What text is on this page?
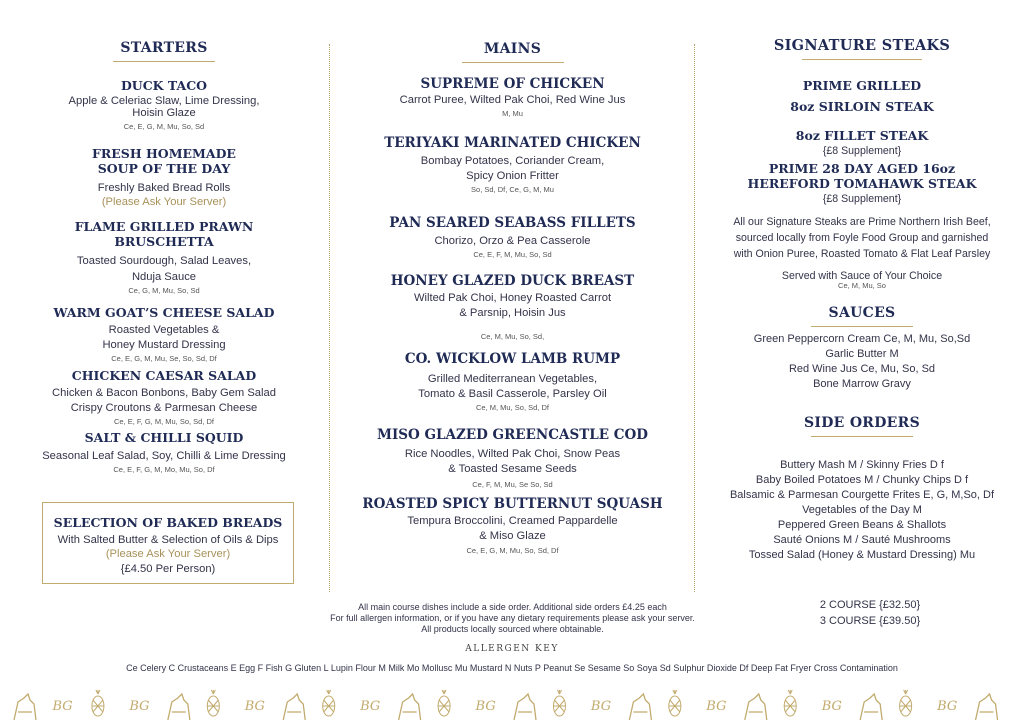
STARTERS
DUCK TACO
Apple & Celeriac Slaw, Lime Dressing,
Hoisin Glaze
Ce, E, G, M, Mu, So, Sd
FRESH HOMEMADE
SOUP OF THE DAY
Freshly Baked Bread Rolls
(Please Ask Your Server)
FLAME GRILLED PRAWN
BRUSCHETTA
Toasted Sourdough, Salad Leaves,
Nduja Sauce
Ce, G, M, Mu, So, Sd
WARM GOAT’S CHEESE SALAD
Roasted Vegetables &
Honey Mustard Dressing
Ce, E, G, M, Mu, Se, So, Sd, Df
CHICKEN CAESAR SALAD
Chicken & Bacon Bonbons, Baby Gem Salad
Crispy Croutons & Parmesan Cheese
Ce, E, F, G, M, Mu, So, Sd, Df
SALT & CHILLI SQUID
Seasonal Leaf Salad, Soy, Chilli & Lime Dressing
Ce, E, F, G, M, Mo, Mu, So, Df
SELECTION OF BAKED BREADS
With Salted Butter & Selection of Oils & Dips
(Please Ask Your Server)
{£4.50 Per Person)
MAINS
SUPREME OF CHICKEN
Carrot Puree, Wilted Pak Choi, Red Wine Jus
M, Mu
TERIYAKI MARINATED CHICKEN
Bombay Potatoes, Coriander Cream,
Spicy Onion Fritter
So, Sd, Df, Ce, G, M, Mu
PAN SEARED SEABASS FILLETS
Chorizo, Orzo & Pea Casserole
Ce, E, F, M, Mu, So, Sd
HONEY GLAZED DUCK BREAST
Wilted Pak Choi, Honey Roasted Carrot
& Parsnip, Hoisin Jus
Ce, M, Mu, So, Sd,
CO. WICKLOW LAMB RUMP
Grilled Mediterranean Vegetables,
Tomato & Basil Casserole, Parsley Oil
Ce, M, Mu, So, Sd, Df
MISO GLAZED GREENCASTLE COD
Rice Noodles, Wilted Pak Choi, Snow Peas
& Toasted Sesame Seeds
Ce, F, M, Mu, Se So, Sd
ROASTED SPICY BUTTERNUT SQUASH
Tempura Broccolini, Creamed Pappardelle
& Miso Glaze
Ce, E, G, M, Mu, So, Sd, Df
SIGNATURE STEAKS
PRIME GRILLED
8oz SIRLOIN STEAK
8oz FILLET STEAK
{£8 Supplement}
PRIME 28 DAY AGED 16oz
HEREFORD TOMAHAWK STEAK
{£8 Supplement}
All our Signature Steaks are Prime Northern Irish Beef,
sourced locally from Foyle Food Group and garnished
with Onion Puree, Roasted Tomato & Flat Leaf Parsley
Served with Sauce of Your Choice
Ce, M, Mu, So
SAUCES
Green Peppercorn Cream Ce, M, Mu, So,Sd
Garlic Butter M
Red Wine Jus Ce, Mu, So, Sd
Bone Marrow Gravy
SIDE ORDERS
Buttery Mash M / Skinny Fries D f
Baby Boiled Potatoes M / Chunky Chips D f
Balsamic & Parmesan Courgette Frites E, G, M,So, Df
Vegetables of the Day M
Peppered Green Beans & Shallots
Sauté Onions M / Sauté Mushrooms
Tossed Salad (Honey & Mustard Dressing) Mu
All main course dishes include a side order. Additional side orders £4.25 each
For full allergen information, or if you have any dietary requirements please ask your server.
All products locally sourced where obtainable.
2 COURSE {£32.50}
3 COURSE {£39.50}
ALLERGEN KEY
Ce Celery C Crustaceans E Egg F Fish G Gluten L Lupin Flour M Milk Mo Mollusc Mu Mustard N Nuts P Peanut Se Sesame So Soya Sd Sulphur Dioxide Df Deep Fat Fryer Cross Contamination
BG	BG	BG	BG	BG	BG	BG	BG	BG
